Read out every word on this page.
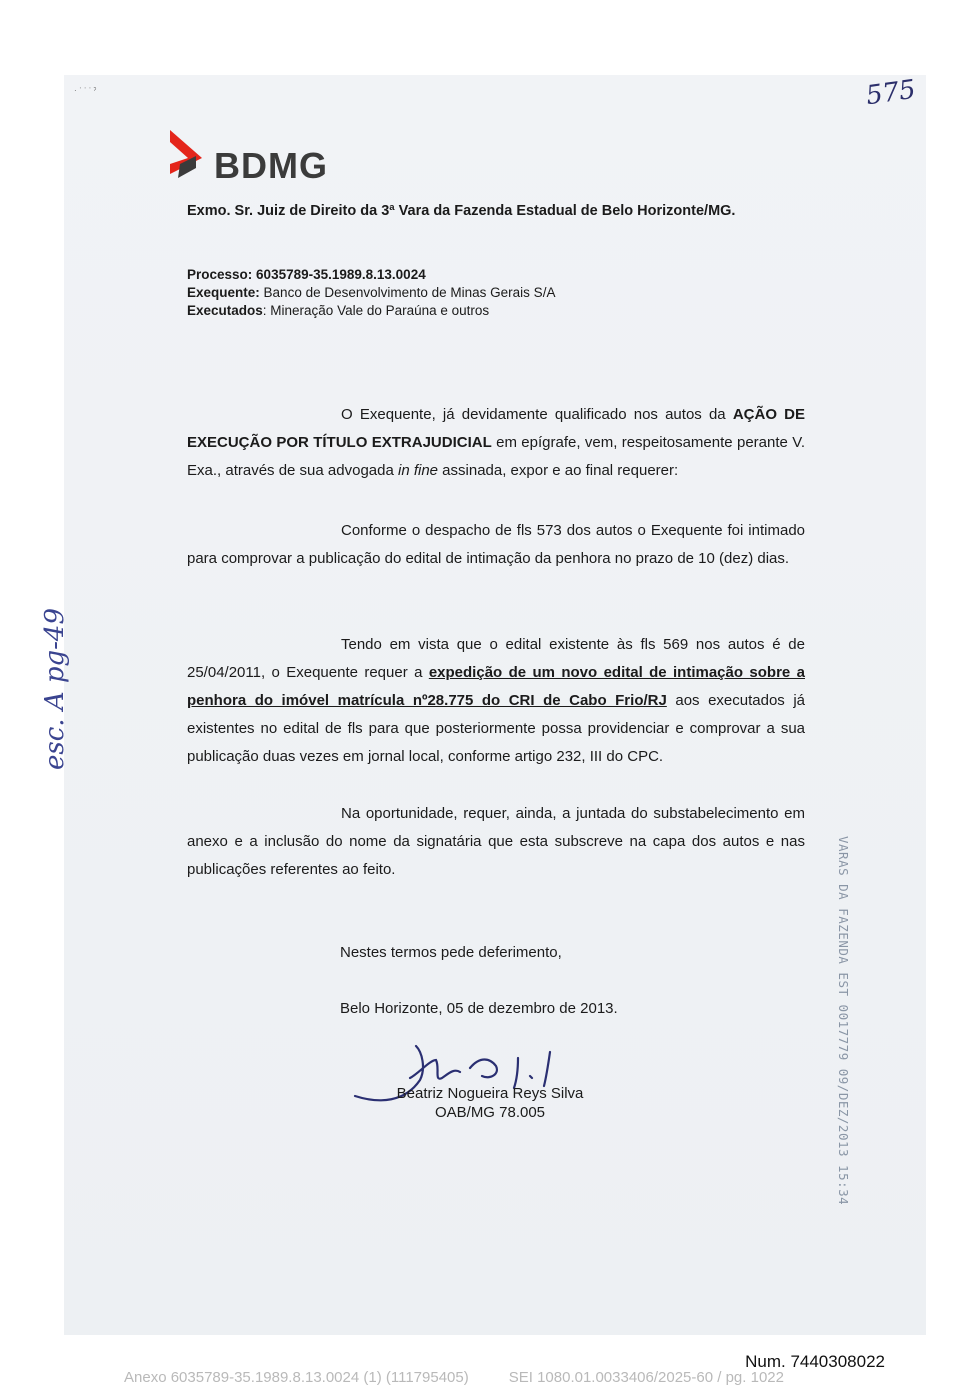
· ˈ ˈ ˈ ˀ
BDMG
575
esc. A pg-49
Exmo. Sr. Juiz de Direito da 3ª Vara da Fazenda Estadual de Belo Horizonte/MG.
Processo: 6035789-35.1989.8.13.0024
Exequente: Banco de Desenvolvimento de Minas Gerais S/A
Executados: Mineração Vale do Paraúna e outros
O Exequente, já devidamente qualificado nos autos da AÇÃO DE EXECUÇÃO POR TÍTULO EXTRAJUDICIAL em epígrafe, vem, respeitosamente perante V. Exa., através de sua advogada in fine assinada, expor e ao final requerer:
Conforme o despacho de fls 573 dos autos o Exequente foi intimado para comprovar a publicação do edital de intimação da penhora no prazo de 10 (dez) dias.
Tendo em vista que o edital existente às fls 569 nos autos é de 25/04/2011, o Exequente requer a expedição de um novo edital de intimação sobre a penhora do imóvel matrícula nº28.775 do CRI de Cabo Frio/RJ aos executados já existentes no edital de fls para que posteriormente possa providenciar e comprovar a sua publicação duas vezes em jornal local, conforme artigo 232, III do CPC.
Na oportunidade, requer, ainda, a juntada do substabelecimento em anexo e a inclusão do nome da signatária que esta subscreve na capa dos autos e nas publicações referentes ao feito.
Nestes termos pede deferimento,
Belo Horizonte, 05 de dezembro de 2013.
Beatriz Nogueira Reys Silva
OAB/MG 78.005	VARAS DA FAZENDA EST 0017779 09/DEZ/2013 15:34
Num. 7440308022
Anexo 6035789-35.1989.8.13.0024 (1) (111795405)	SEI 1080.01.0033406/2025-60 / pg. 1022
